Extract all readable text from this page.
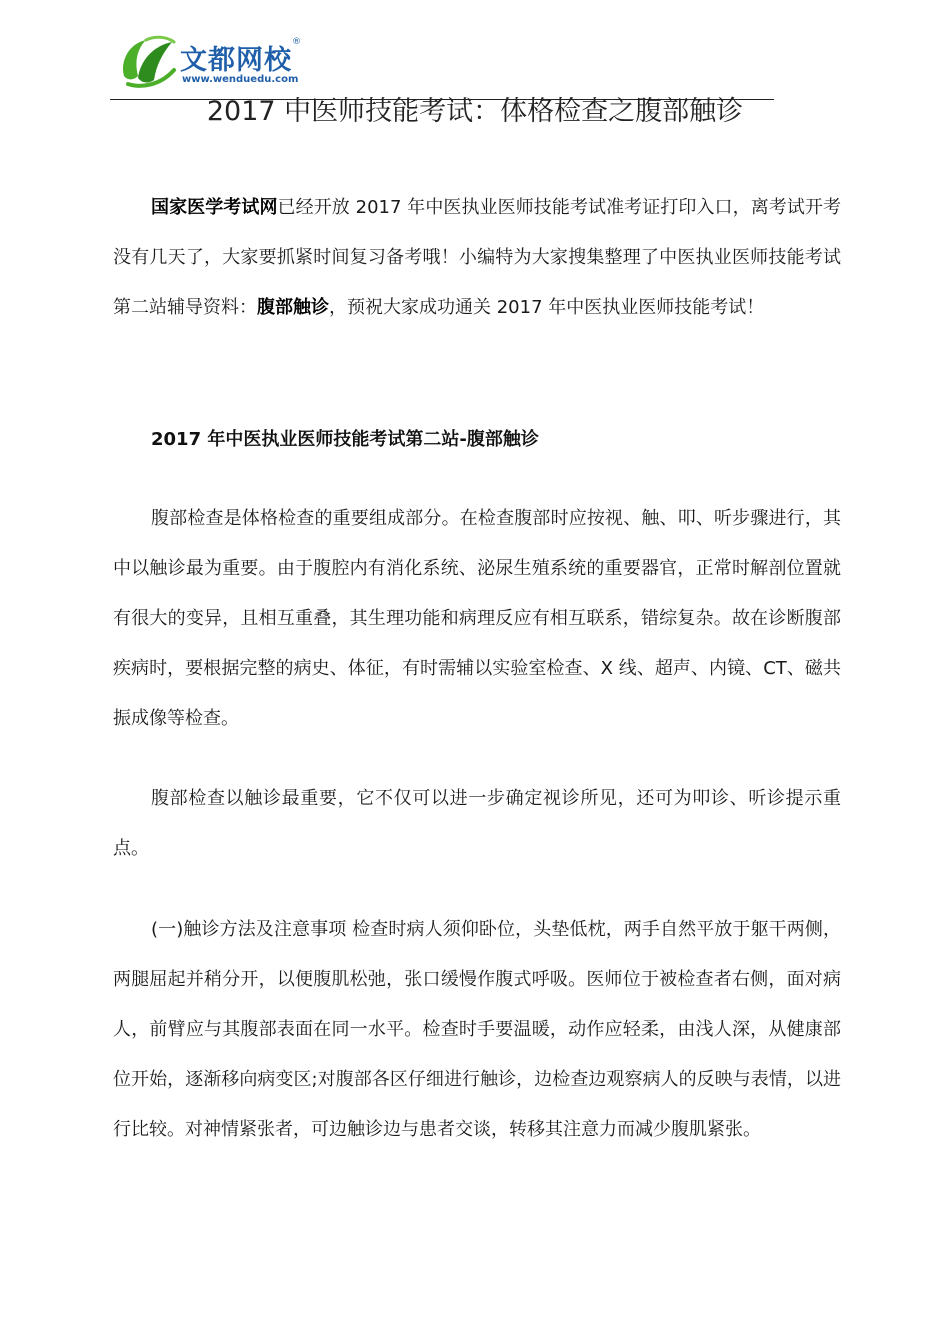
文都网校
®
www.wenduedu.com
2017 中医师技能考试：体格检查之腹部触诊

国家医学考试网已经开放 2017 年中医执业医师技能考试准考证打印入口，离考试开考没有几天了，大家要抓紧时间复习备考哦！小编特为大家搜集整理了中医执业医师技能考试第二站辅导资料：腹部触诊，预祝大家成功通关 2017 年中医执业医师技能考试！

2017 年中医执业医师技能考试第二站-腹部触诊

腹部检查是体格检查的重要组成部分。在检查腹部时应按视、触、叩、听步骤进行，其中以触诊最为重要。由于腹腔内有消化系统、泌尿生殖系统的重要器官，正常时解剖位置就有很大的变异，且相互重叠，其生理功能和病理反应有相互联系，错综复杂。故在诊断腹部疾病时，要根据完整的病史、体征，有时需辅以实验室检查、X 线、超声、内镜、CT、磁共振成像等检查。

腹部检查以触诊最重要，它不仅可以进一步确定视诊所见，还可为叩诊、听诊提示重点。

(一)触诊方法及注意事项 检查时病人须仰卧位，头垫低枕，两手自然平放于躯干两侧，两腿屈起并稍分开，以便腹肌松弛，张口缓慢作腹式呼吸。医师位于被检查者右侧，面对病人，前臂应与其腹部表面在同一水平。检查时手要温暖，动作应轻柔，由浅人深，从健康部位开始，逐渐移向病变区;对腹部各区仔细进行触诊，边检查边观察病人的反映与表情，以进行比较。对神情紧张者，可边触诊边与患者交谈，转移其注意力而减少腹肌紧张。
